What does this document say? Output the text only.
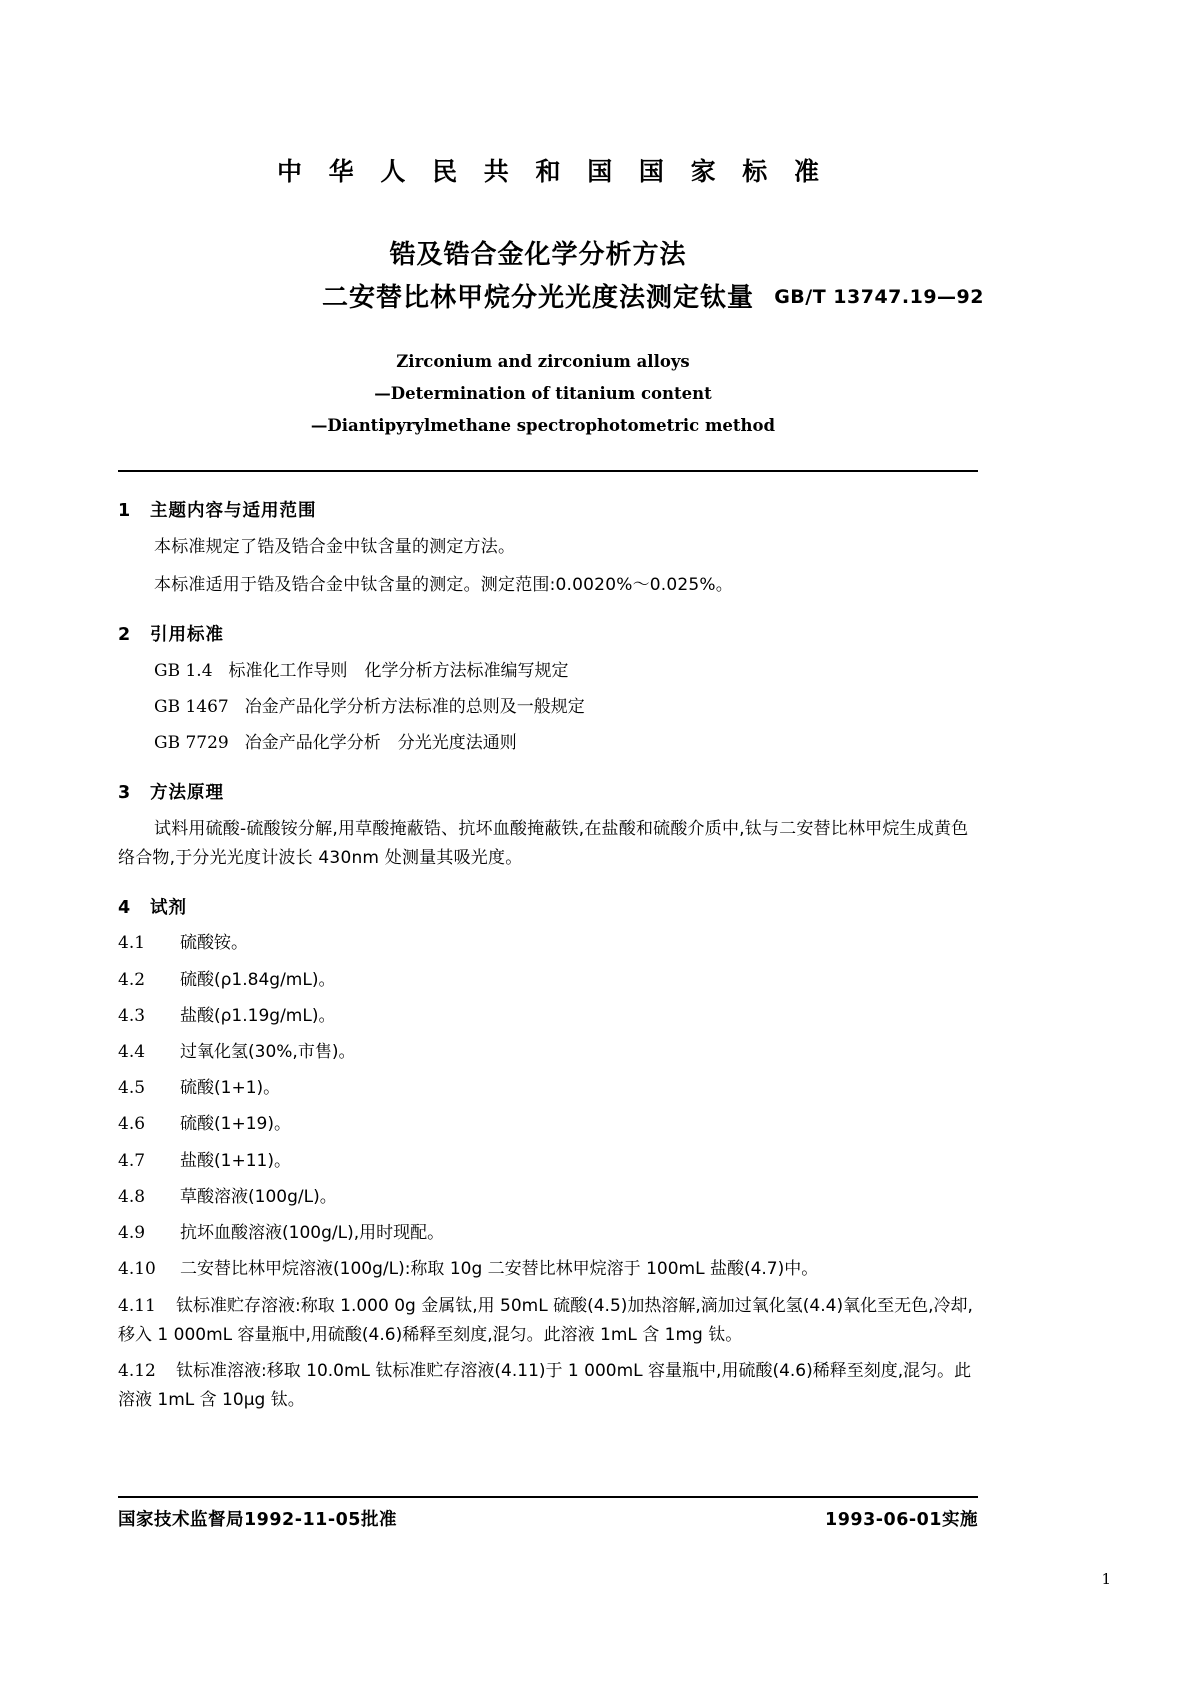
中 华 人 民 共 和 国 国 家 标 准
锆及锆合金化学分析方法
二安替比林甲烷分光光度法测定钛量	GB/T 13747.19—92
Zirconium and zirconium alloys
—Determination of titanium content
—Diantipyrylmethane spectrophotometric method
1 主题内容与适用范围
本标准规定了锆及锆合金中钛含量的测定方法。
本标准适用于锆及锆合金中钛含量的测定。测定范围:0.0020%～0.025%。
2 引用标准
GB 1.4 标准化工作导则　化学分析方法标准编写规定
GB 1467 冶金产品化学分析方法标准的总则及一般规定
GB 7729 冶金产品化学分析　分光光度法通则
3 方法原理
试料用硫酸-硫酸铵分解,用草酸掩蔽锆、抗坏血酸掩蔽铁,在盐酸和硫酸介质中,钛与二安替比林甲烷生成黄色络合物,于分光光度计波长 430nm 处测量其吸光度。
4 试剂
4.1	硫酸铵。
4.2	硫酸(ρ1.84g/mL)。
4.3	盐酸(ρ1.19g/mL)。
4.4	过氧化氢(30%,市售)。
4.5	硫酸(1+1)。
4.6	硫酸(1+19)。
4.7	盐酸(1+11)。
4.8	草酸溶液(100g/L)。
4.9	抗坏血酸溶液(100g/L),用时现配。
4.10	二安替比林甲烷溶液(100g/L):称取 10g 二安替比林甲烷溶于 100mL 盐酸(4.7)中。
4.11 钛标准贮存溶液:称取 1.000 0g 金属钛,用 50mL 硫酸(4.5)加热溶解,滴加过氧化氢(4.4)氧化至无色,冷却,移入 1 000mL 容量瓶中,用硫酸(4.6)稀释至刻度,混匀。此溶液 1mL 含 1mg 钛。
4.12 钛标准溶液:移取 10.0mL 钛标准贮存溶液(4.11)于 1 000mL 容量瓶中,用硫酸(4.6)稀释至刻度,混匀。此溶液 1mL 含 10μg 钛。
国家技术监督局1992-11-05批准	1993-06-01实施
1
